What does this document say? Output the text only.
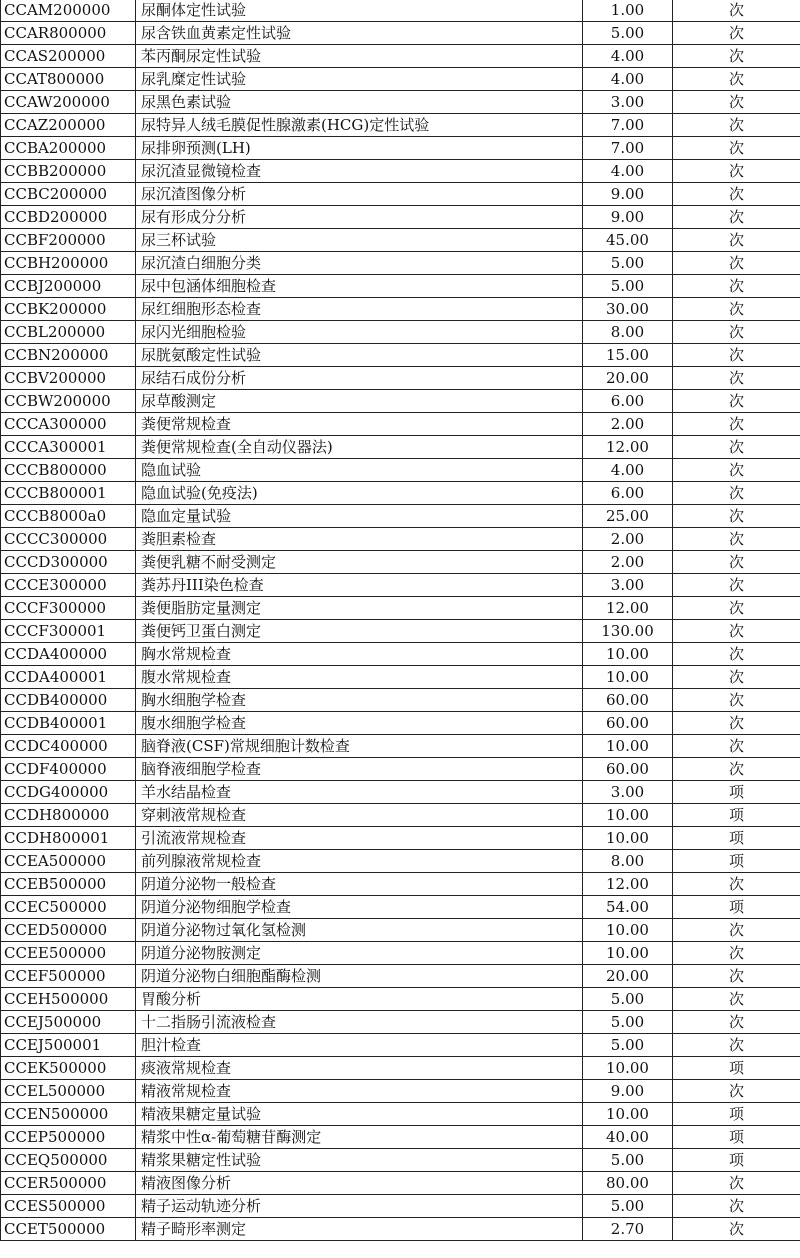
CCAM200000	尿酮体定性试验	1.00	次
CCAR800000	尿含铁血黄素定性试验	5.00	次
CCAS200000	苯丙酮尿定性试验	4.00	次
CCAT800000	尿乳糜定性试验	4.00	次
CCAW200000	尿黑色素试验	3.00	次
CCAZ200000	尿特异人绒毛膜促性腺激素(HCG)定性试验	7.00	次
CCBA200000	尿排卵预测(LH)	7.00	次
CCBB200000	尿沉渣显微镜检查	4.00	次
CCBC200000	尿沉渣图像分析	9.00	次
CCBD200000	尿有形成分分析	9.00	次
CCBF200000	尿三杯试验	45.00	次
CCBH200000	尿沉渣白细胞分类	5.00	次
CCBJ200000	尿中包涵体细胞检查	5.00	次
CCBK200000	尿红细胞形态检查	30.00	次
CCBL200000	尿闪光细胞检验	8.00	次
CCBN200000	尿胱氨酸定性试验	15.00	次
CCBV200000	尿结石成份分析	20.00	次
CCBW200000	尿草酸测定	6.00	次
CCCA300000	粪便常规检查	2.00	次
CCCA300001	粪便常规检查(全自动仪器法)	12.00	次
CCCB800000	隐血试验	4.00	次
CCCB800001	隐血试验(免疫法)	6.00	次
CCCB8000a0	隐血定量试验	25.00	次
CCCC300000	粪胆素检查	2.00	次
CCCD300000	粪便乳糖不耐受测定	2.00	次
CCCE300000	粪苏丹III染色检查	3.00	次
CCCF300000	粪便脂肪定量测定	12.00	次
CCCF300001	粪便钙卫蛋白测定	130.00	次
CCDA400000	胸水常规检查	10.00	次
CCDA400001	腹水常规检查	10.00	次
CCDB400000	胸水细胞学检查	60.00	次
CCDB400001	腹水细胞学检查	60.00	次
CCDC400000	脑脊液(CSF)常规细胞计数检查	10.00	次
CCDF400000	脑脊液细胞学检查	60.00	次
CCDG400000	羊水结晶检查	3.00	项
CCDH800000	穿刺液常规检查	10.00	项
CCDH800001	引流液常规检查	10.00	项
CCEA500000	前列腺液常规检查	8.00	项
CCEB500000	阴道分泌物一般检查	12.00	次
CCEC500000	阴道分泌物细胞学检查	54.00	项
CCED500000	阴道分泌物过氧化氢检测	10.00	次
CCEE500000	阴道分泌物胺测定	10.00	次
CCEF500000	阴道分泌物白细胞酯酶检测	20.00	次
CCEH500000	胃酸分析	5.00	次
CCEJ500000	十二指肠引流液检查	5.00	次
CCEJ500001	胆汁检查	5.00	次
CCEK500000	痰液常规检查	10.00	项
CCEL500000	精液常规检查	9.00	次
CCEN500000	精液果糖定量试验	10.00	项
CCEP500000	精浆中性α-葡萄糖苷酶测定	40.00	项
CCEQ500000	精浆果糖定性试验	5.00	项
CCER500000	精液图像分析	80.00	次
CCES500000	精子运动轨迹分析	5.00	次
CCET500000	精子畸形率测定	2.70	次
